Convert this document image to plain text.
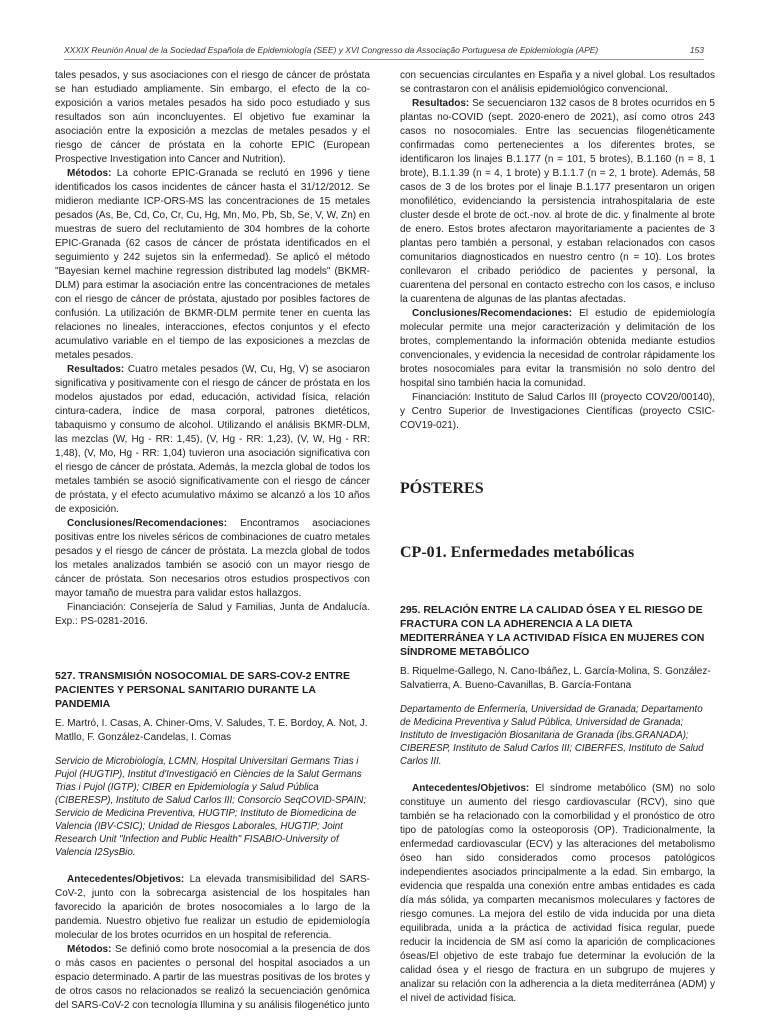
XXXIX Reunión Anual de la Sociedad Española de Epidemiología (SEE) y XVI Congresso da Associação Portuguesa de Epidemiologia (APE)	153

tales pesados, y sus asociaciones con el riesgo de cáncer de próstata se han estudiado ampliamente. Sin embargo, el efecto de la co-exposición a varios metales pesados ha sido poco estudiado y sus resultados son aún inconcluyentes. El objetivo fue examinar la asociación entre la exposición a mezclas de metales pesados y el riesgo de cáncer de próstata en la cohorte EPIC (European Prospective Investigation into Cancer and Nutrition).

Métodos: La cohorte EPIC-Granada se reclutó en 1996 y tiene identificados los casos incidentes de cáncer hasta el 31/12/2012. Se midieron mediante ICP-ORS-MS las concentraciones de 15 metales pesados (As, Be, Cd, Co, Cr, Cu, Hg, Mn, Mo, Pb, Sb, Se, V, W, Zn) en muestras de suero del reclutamiento de 304 hombres de la cohorte EPIC-Granada (62 casos de cáncer de próstata identificados en el seguimiento y 242 sujetos sin la enfermedad). Se aplicó el método "Bayesian kernel machine regression distributed lag models" (BKMR-DLM) para estimar la asociación entre las concentraciones de metales con el riesgo de cáncer de próstata, ajustado por posibles factores de confusión. La utilización de BKMR-DLM permite tener en cuenta las relaciones no lineales, interacciones, efectos conjuntos y el efecto acumulativo variable en el tiempo de las exposiciones a mezclas de metales pesados.

Resultados: Cuatro metales pesados (W, Cu, Hg, V) se asociaron significativa y positivamente con el riesgo de cáncer de próstata en los modelos ajustados por edad, educación, actividad física, relación cintura-cadera, índice de masa corporal, patrones dietéticos, tabaquismo y consumo de alcohol. Utilizando el análisis BKMR-DLM, las mezclas (W, Hg - RR: 1,45), (V, Hg - RR: 1,23), (V, W, Hg - RR: 1,48), (V, Mo, Hg - RR: 1,04) tuvieron una asociación significativa con el riesgo de cáncer de próstata. Además, la mezcla global de todos los metales también se asoció significativamente con el riesgo de cáncer de próstata, y el efecto acumulativo máximo se alcanzó a los 10 años de exposición.

Conclusiones/Recomendaciones: Encontramos asociaciones positivas entre los niveles séricos de combinaciones de cuatro metales pesados y el riesgo de cáncer de próstata. La mezcla global de todos los metales analizados también se asoció con un mayor riesgo de cáncer de próstata. Son necesarios otros estudios prospectivos con mayor tamaño de muestra para validar estos hallazgos.

Financiación: Consejería de Salud y Familias, Junta de Andalucía. Exp.: PS-0281-2016.

527. TRANSMISIÓN NOSOCOMIAL DE SARS-COV-2 ENTRE PACIENTES Y PERSONAL SANITARIO DURANTE LA PANDEMIA

E. Martró, I. Casas, A. Chiner-Oms, V. Saludes, T. E. Bordoy, A. Not, J. Matllo, F. González-Candelas, I. Comas

Servicio de Microbiología, LCMN, Hospital Universitari Germans Trias i Pujol (HUGTIP), Institut d'Investigació en Ciències de la Salut Germans Trias i Pujol (IGTP); CIBER en Epidemiología y Salud Pública (CIBERESP), Instituto de Salud Carlos III; Consorcio SeqCOVID-SPAIN; Servicio de Medicina Preventiva, HUGTIP; Instituto de Biomedicina de Valencia (IBV-CSIC); Unidad de Riesgos Laborales, HUGTIP; Joint Research Unit "Infection and Public Health" FISABIO-University of Valencia I2SysBio.

Antecedentes/Objetivos: La elevada transmisibilidad del SARS-CoV-2, junto con la sobrecarga asistencial de los hospitales han favorecido la aparición de brotes nosocomiales a lo largo de la pandemia. Nuestro objetivo fue realizar un estudio de epidemiología molecular de los brotes ocurridos en un hospital de referencia.

Métodos: Se definió como brote nosocomial a la presencia de dos o más casos en pacientes o personal del hospital asociados a un espacio determinado. A partir de las muestras positivas de los brotes y de otros casos no relacionados se realizó la secuenciación genómica del SARS-CoV-2 con tecnología Illumina y su análisis filogenético junto

con secuencias circulantes en España y a nivel global. Los resultados se contrastaron con el análisis epidemiológico convencional.

Resultados: Se secuenciaron 132 casos de 8 brotes ocurridos en 5 plantas no-COVID (sept. 2020-enero de 2021), así como otros 243 casos no nosocomiales. Entre las secuencias filogenéticamente confirmadas como pertenecientes a los diferentes brotes, se identificaron los linajes B.1.177 (n = 101, 5 brotes), B.1.160 (n = 8, 1 brote), B.1.1.39 (n = 4, 1 brote) y B.1.1.7 (n = 2, 1 brote). Además, 58 casos de 3 de los brotes por el linaje B.1.177 presentaron un origen monofilético, evidenciando la persistencia intrahospitalaria de este cluster desde el brote de oct.-nov. al brote de dic. y finalmente al brote de enero. Estos brotes afectaron mayoritariamente a pacientes de 3 plantas pero también a personal, y estaban relacionados con casos comunitarios diagnosticados en nuestro centro (n = 10). Los brotes conllevaron el cribado periódico de pacientes y personal, la cuarentena del personal en contacto estrecho con los casos, e incluso la cuarentena de algunas de las plantas afectadas.

Conclusiones/Recomendaciones: El estudio de epidemiología molecular permite una mejor caracterización y delimitación de los brotes, complementando la información obtenida mediante estudios convencionales, y evidencia la necesidad de controlar rápidamente los brotes nosocomiales para evitar la transmisión no solo dentro del hospital sino también hacia la comunidad.

Financiación: Instituto de Salud Carlos III (proyecto COV20/00140), y Centro Superior de Investigaciones Científicas (proyecto CSIC-COV19-021).

PÓSTERES

CP-01. Enfermedades metabólicas

295. RELACIÓN ENTRE LA CALIDAD ÓSEA Y EL RIESGO DE FRACTURA CON LA ADHERENCIA A LA DIETA MEDITERRÁNEA Y LA ACTIVIDAD FÍSICA EN MUJERES CON SÍNDROME METABÓLICO

B. Riquelme-Gallego, N. Cano-Ibáñez, L. García-Molina, S. González-Salvatierra, A. Bueno-Cavanillas, B. García-Fontana

Departamento de Enfermería, Universidad de Granada; Departamento de Medicina Preventiva y Salud Pública, Universidad de Granada; Instituto de Investigación Biosanitaria de Granada (ibs.GRANADA); CIBERESP, Instituto de Salud Carlos III; CIBERFES, Instituto de Salud Carlos III.

Antecedentes/Objetivos: El síndrome metabólico (SM) no solo constituye un aumento del riesgo cardiovascular (RCV), sino que también se ha relacionado con la comorbilidad y el pronóstico de otro tipo de patologías como la osteoporosis (OP). Tradicionalmente, la enfermedad cardiovascular (ECV) y las alteraciones del metabolismo óseo han sido considerados como procesos patológicos independientes asociados principalmente a la edad. Sin embargo, la evidencia que respalda una conexión entre ambas entidades es cada día más sólida, ya comparten mecanismos moleculares y factores de riesgo comunes. La mejora del estilo de vida inducida por una dieta equilibrada, unida a la práctica de actividad física regular, puede reducir la incidencia de SM así como la aparición de complicaciones óseas/El objetivo de este trabajo fue determinar la evolución de la calidad ósea y el riesgo de fractura en un subgrupo de mujeres y analizar su relación con la adherencia a la dieta mediterránea (ADM) y el nivel de actividad física.
